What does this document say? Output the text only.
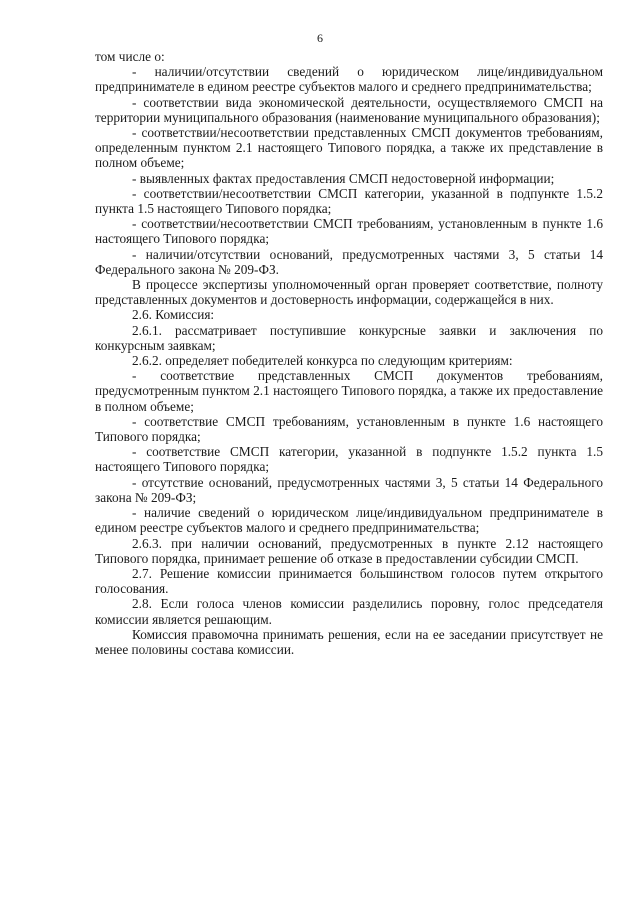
6

том числе о:

- наличии/отсутствии сведений о юридическом лице/индивидуальном предпринимателе в едином реестре субъектов малого и среднего предпринимательства;

- соответствии вида экономической деятельности, осуществляемого СМСП на территории муниципального образования (наименование муниципального образования);

- соответствии/несоответствии представленных СМСП документов требованиям, определенным пунктом 2.1 настоящего Типового порядка, а также их представление в полном объеме;

- выявленных фактах предоставления СМСП недостоверной информации;

- соответствии/несоответствии СМСП категории, указанной в подпункте 1.5.2 пункта 1.5 настоящего Типового порядка;

- соответствии/несоответствии СМСП требованиям, установленным в пункте 1.6 настоящего Типового порядка;

- наличии/отсутствии оснований, предусмотренных частями 3, 5 статьи 14 Федерального закона № 209-ФЗ.

В процессе экспертизы уполномоченный орган проверяет соответствие, полноту представленных документов и достоверность информации, содержащейся в них.

2.6. Комиссия:

2.6.1. рассматривает поступившие конкурсные заявки и заключения по конкурсным заявкам;

2.6.2. определяет победителей конкурса по следующим критериям:

- соответствие представленных СМСП документов требованиям, предусмотренным пунктом 2.1 настоящего Типового порядка, а также их предоставление в полном объеме;

- соответствие СМСП требованиям, установленным в пункте 1.6 настоящего Типового порядка;

- соответствие СМСП категории, указанной в подпункте 1.5.2 пункта 1.5 настоящего Типового порядка;

- отсутствие оснований, предусмотренных частями 3, 5 статьи 14 Федерального закона № 209-ФЗ;

- наличие сведений о юридическом лице/индивидуальном предпринимателе в едином реестре субъектов малого и среднего предпринимательства;

2.6.3. при наличии оснований, предусмотренных в пункте 2.12 настоящего Типового порядка, принимает решение об отказе в предоставлении субсидии СМСП.

2.7. Решение комиссии принимается большинством голосов путем открытого голосования.

2.8. Если голоса членов комиссии разделились поровну, голос председателя комиссии является решающим.

Комиссия правомочна принимать решения, если на ее заседании присутствует не менее половины состава комиссии.
